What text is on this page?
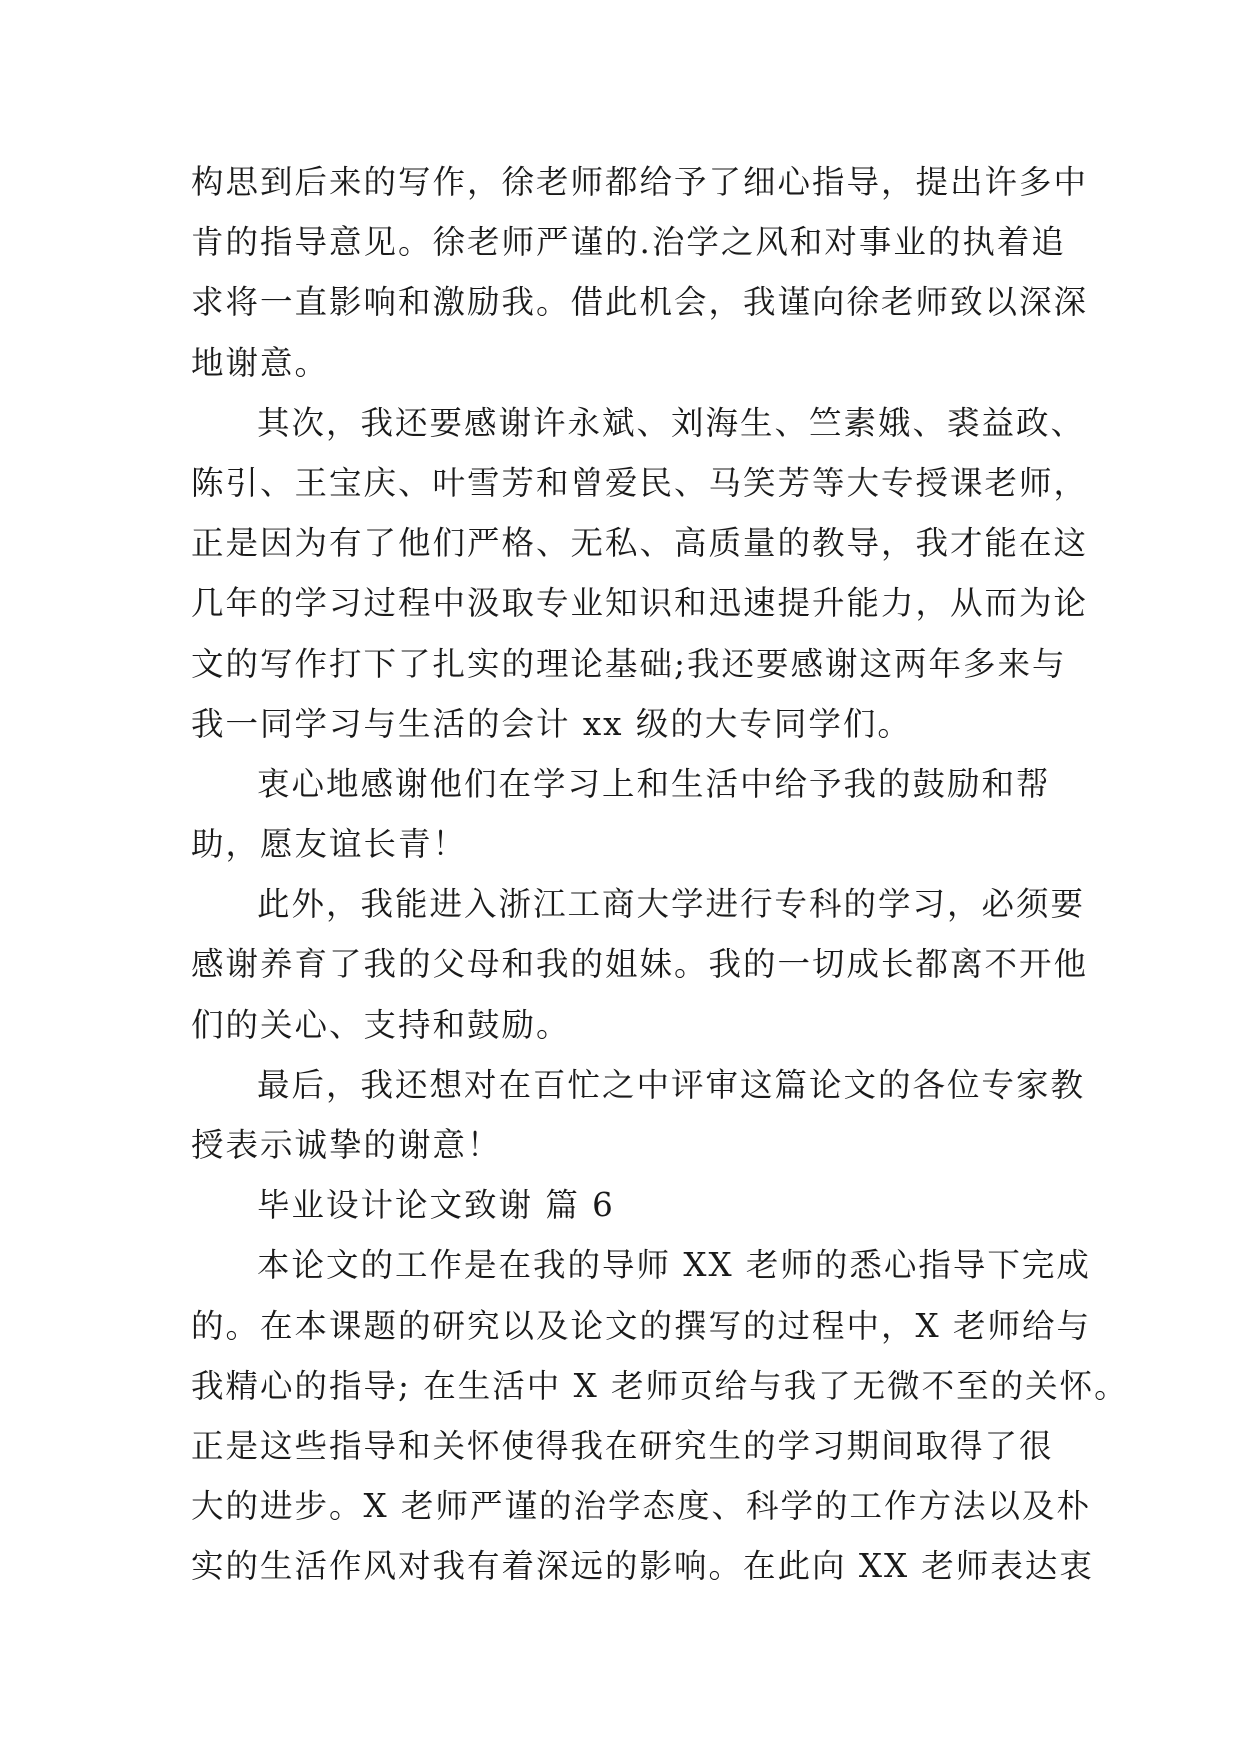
构思到后来的写作，徐老师都给予了细心指导，提出许多中
肯的指导意见。徐老师严谨的.治学之风和对事业的执着追
求将一直影响和激励我。借此机会，我谨向徐老师致以深深
地谢意。
其次，我还要感谢许永斌、刘海生、竺素娥、裘益政、
陈引、王宝庆、叶雪芳和曾爱民、马笑芳等大专授课老师，
正是因为有了他们严格、无私、高质量的教导，我才能在这
几年的学习过程中汲取专业知识和迅速提升能力，从而为论
文的写作打下了扎实的理论基础;我还要感谢这两年多来与
我一同学习与生活的会计 xx 级的大专同学们。
衷心地感谢他们在学习上和生活中给予我的鼓励和帮
助，愿友谊长青！
此外，我能进入浙江工商大学进行专科的学习，必须要
感谢养育了我的父母和我的姐妹。我的一切成长都离不开他
们的关心、支持和鼓励。
最后，我还想对在百忙之中评审这篇论文的各位专家教
授表示诚挚的谢意！
毕业设计论文致谢 篇 6
本论文的工作是在我的导师 XX 老师的悉心指导下完成
的。在本课题的研究以及论文的撰写的过程中，X 老师给与
我精心的指导; 在生活中 X 老师页给与我了无微不至的关怀。
正是这些指导和关怀使得我在研究生的学习期间取得了很
大的进步。X 老师严谨的治学态度、科学的工作方法以及朴
实的生活作风对我有着深远的影响。在此向 XX 老师表达衷
